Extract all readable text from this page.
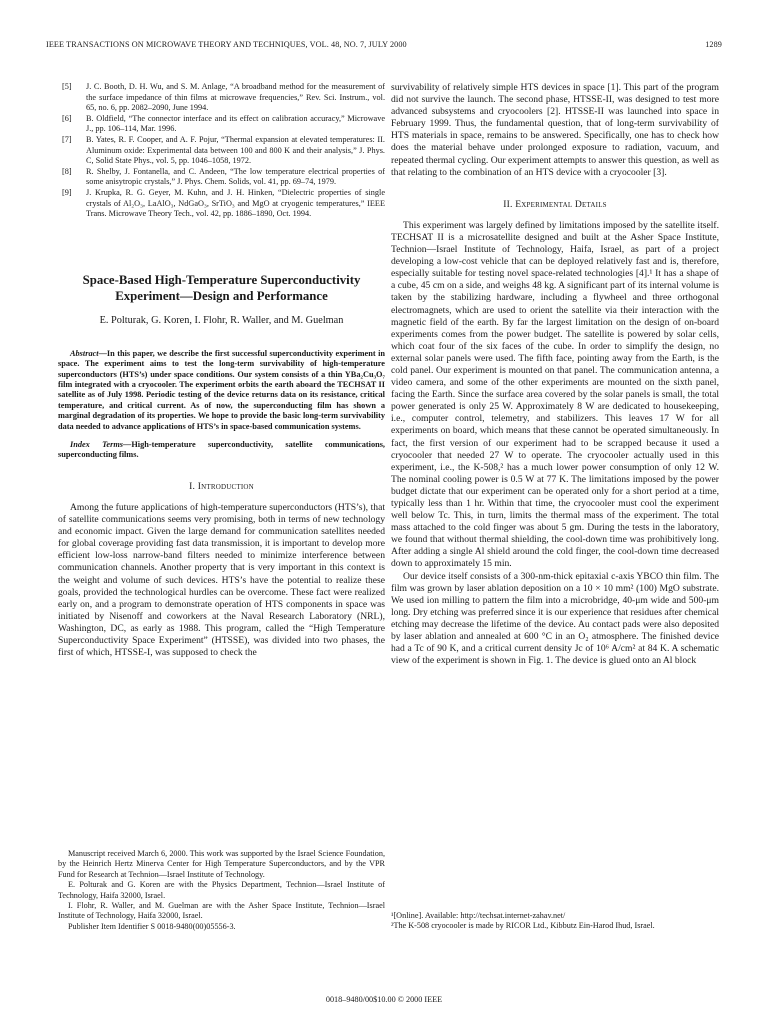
IEEE TRANSACTIONS ON MICROWAVE THEORY AND TECHNIQUES, VOL. 48, NO. 7, JULY 2000	1289
[5] J. C. Booth, D. H. Wu, and S. M. Anlage, “A broadband method for the measurement of the surface impedance of thin films at microwave frequencies,” Rev. Sci. Instrum., vol. 65, no. 6, pp. 2082–2090, June 1994.
[6] B. Oldfield, “The connector interface and its effect on calibration accuracy,” Microwave J., pp. 106–114, Mar. 1996.
[7] B. Yates, R. F. Cooper, and A. F. Pojur, “Thermal expansion at elevated temperatures: II. Aluminum oxide: Experimental data between 100 and 800 K and their analysis,” J. Phys. C, Solid State Phys., vol. 5, pp. 1046–1058, 1972.
[8] R. Shelby, J. Fontanella, and C. Andeen, “The low temperature electrical properties of some anisytropic crystals,” J. Phys. Chem. Solids, vol. 41, pp. 69–74, 1979.
[9] J. Krupka, R. G. Geyer, M. Kuhn, and J. H. Hinken, “Dielectric properties of single crystals of Al₂O₃, LaAlO₃, NdGaO₃, SrTiO₃ and MgO at cryogenic temperatures,” IEEE Trans. Microwave Theory Tech., vol. 42, pp. 1886–1890, Oct. 1994.
Space-Based High-Temperature Superconductivity Experiment—Design and Performance
E. Polturak, G. Koren, I. Flohr, R. Waller, and M. Guelman
Abstract—In this paper, we describe the first successful superconductivity experiment in space. The experiment aims to test the long-term survivability of high-temperature superconductors (HTS’s) under space conditions. Our system consists of a thin YBa₂Cu₃O₇ film integrated with a cryocooler. The experiment orbits the earth aboard the TECHSAT II satellite as of July 1998. Periodic testing of the device returns data on its resistance, critical temperature, and critical current. As of now, the superconducting film has shown a marginal degradation of its properties. We hope to provide the basic long-term survivability data needed to advance applications of HTS’s in space-based communication systems.
Index Terms—High-temperature superconductivity, satellite communications, superconducting films.
I. Introduction

Among the future applications of high-temperature superconductors (HTS’s), that of satellite communications seems very promising, both in terms of new technology and economic impact. Given the large demand for communication satellites needed for global coverage providing fast data transmission, it is important to develop more efficient low-loss narrow-band filters needed to minimize interference between communication channels. Another property that is very important in this context is the weight and volume of such devices. HTS’s have the potential to realize these goals, provided the technological hurdles can be overcome. These fact were realized early on, and a program to demonstrate operation of HTS components in space was initiated by Nisenoff and coworkers at the Naval Research Laboratory (NRL), Washington, DC, as early as 1988. This program, called the “High Temperature Superconductivity Space Experiment” (HTSSE), was divided into two phases, the first of which, HTSSE-I, was supposed to check the

Manuscript received March 6, 2000. This work was supported by the Israel Science Foundation, by the Heinrich Hertz Minerva Center for High Temperature Superconductors, and by the VPR Fund for Research at Technion—Israel Institute of Technology.

E. Polturak and G. Koren are with the Physics Department, Technion—Israel Institute of Technology, Haifa 32000, Israel.

I. Flohr, R. Waller, and M. Guelman are with the Asher Space Institute, Technion—Israel Institute of Technology, Haifa 32000, Israel.

Publisher Item Identifier S 0018-9480(00)05556-3.

survivability of relatively simple HTS devices in space [1]. This part of the program did not survive the launch. The second phase, HTSSE-II, was designed to test more advanced subsystems and cryocoolers [2]. HTSSE-II was launched into space in February 1999. Thus, the fundamental question, that of long-term survivability of HTS materials in space, remains to be answered. Specifically, one has to check how does the material behave under prolonged exposure to radiation, vacuum, and repeated thermal cycling. Our experiment attempts to answer this question, as well as that relating to the combination of an HTS device with a cryocooler [3].

II. Experimental Details

This experiment was largely defined by limitations imposed by the satellite itself. TECHSAT II is a microsatellite designed and built at the Asher Space Institute, Technion—Israel Institute of Technology, Haifa, Israel, as part of a project developing a low-cost vehicle that can be deployed relatively fast and is, therefore, especially suitable for testing novel space-related technologies [4].¹ It has a shape of a cube, 45 cm on a side, and weighs 48 kg. A significant part of its internal volume is taken by the stabilizing hardware, including a flywheel and three orthogonal electromagnets, which are used to orient the satellite via their interaction with the magnetic field of the earth. By far the largest limitation on the design of on-board experiments comes from the power budget. The satellite is powered by solar cells, which coat four of the six faces of the cube. In order to simplify the design, no external solar panels were used. The fifth face, pointing away from the Earth, is the cold panel. Our experiment is mounted on that panel. The communication antenna, a video camera, and some of the other experiments are mounted on the sixth panel, facing the Earth. Since the surface area covered by the solar panels is small, the total power generated is only 25 W. Approximately 8 W are dedicated to housekeeping, i.e., computer control, telemetry, and stabilizers. This leaves 17 W for all experiments on board, which means that these cannot be operated simultaneously. In fact, the first version of our experiment had to be scrapped because it used a cryocooler that needed 27 W to operate. The cryocooler actually used in this experiment, i.e., the K-508,² has a much lower power consumption of only 12 W. The nominal cooling power is 0.5 W at 77 K. The limitations imposed by the power budget dictate that our experiment can be operated only for a short period at a time, typically less than 1 hr. Within that time, the cryocooler must cool the experiment well below Tc. This, in turn, limits the thermal mass of the experiment. The total mass attached to the cold finger was about 5 gm. During the tests in the laboratory, we found that without thermal shielding, the cool-down time was prohibitively long. After adding a single Al shield around the cold finger, the cool-down time decreased down to approximately 15 min.

Our device itself consists of a 300-nm-thick epitaxial c-axis YBCO thin film. The film was grown by laser ablation deposition on a 10 × 10 mm² (100) MgO substrate. We used ion milling to pattern the film into a microbridge, 40-μm wide and 500-μm long. Dry etching was preferred since it is our experience that residues after chemical etching may decrease the lifetime of the device. Au contact pads were also deposited by laser ablation and annealed at 600 °C in an O₂ atmosphere. The finished device had a Tc of 90 K, and a critical current density Jc of 10⁶ A/cm² at 84 K. A schematic view of the experiment is shown in Fig. 1. The device is glued onto an Al block

¹[Online]. Available: http://techsat.internet-zahav.net/

²The K-508 cryocooler is made by RICOR Ltd., Kibbutz Ein-Harod Ihud, Israel.

0018–9480/00$10.00 © 2000 IEEE
